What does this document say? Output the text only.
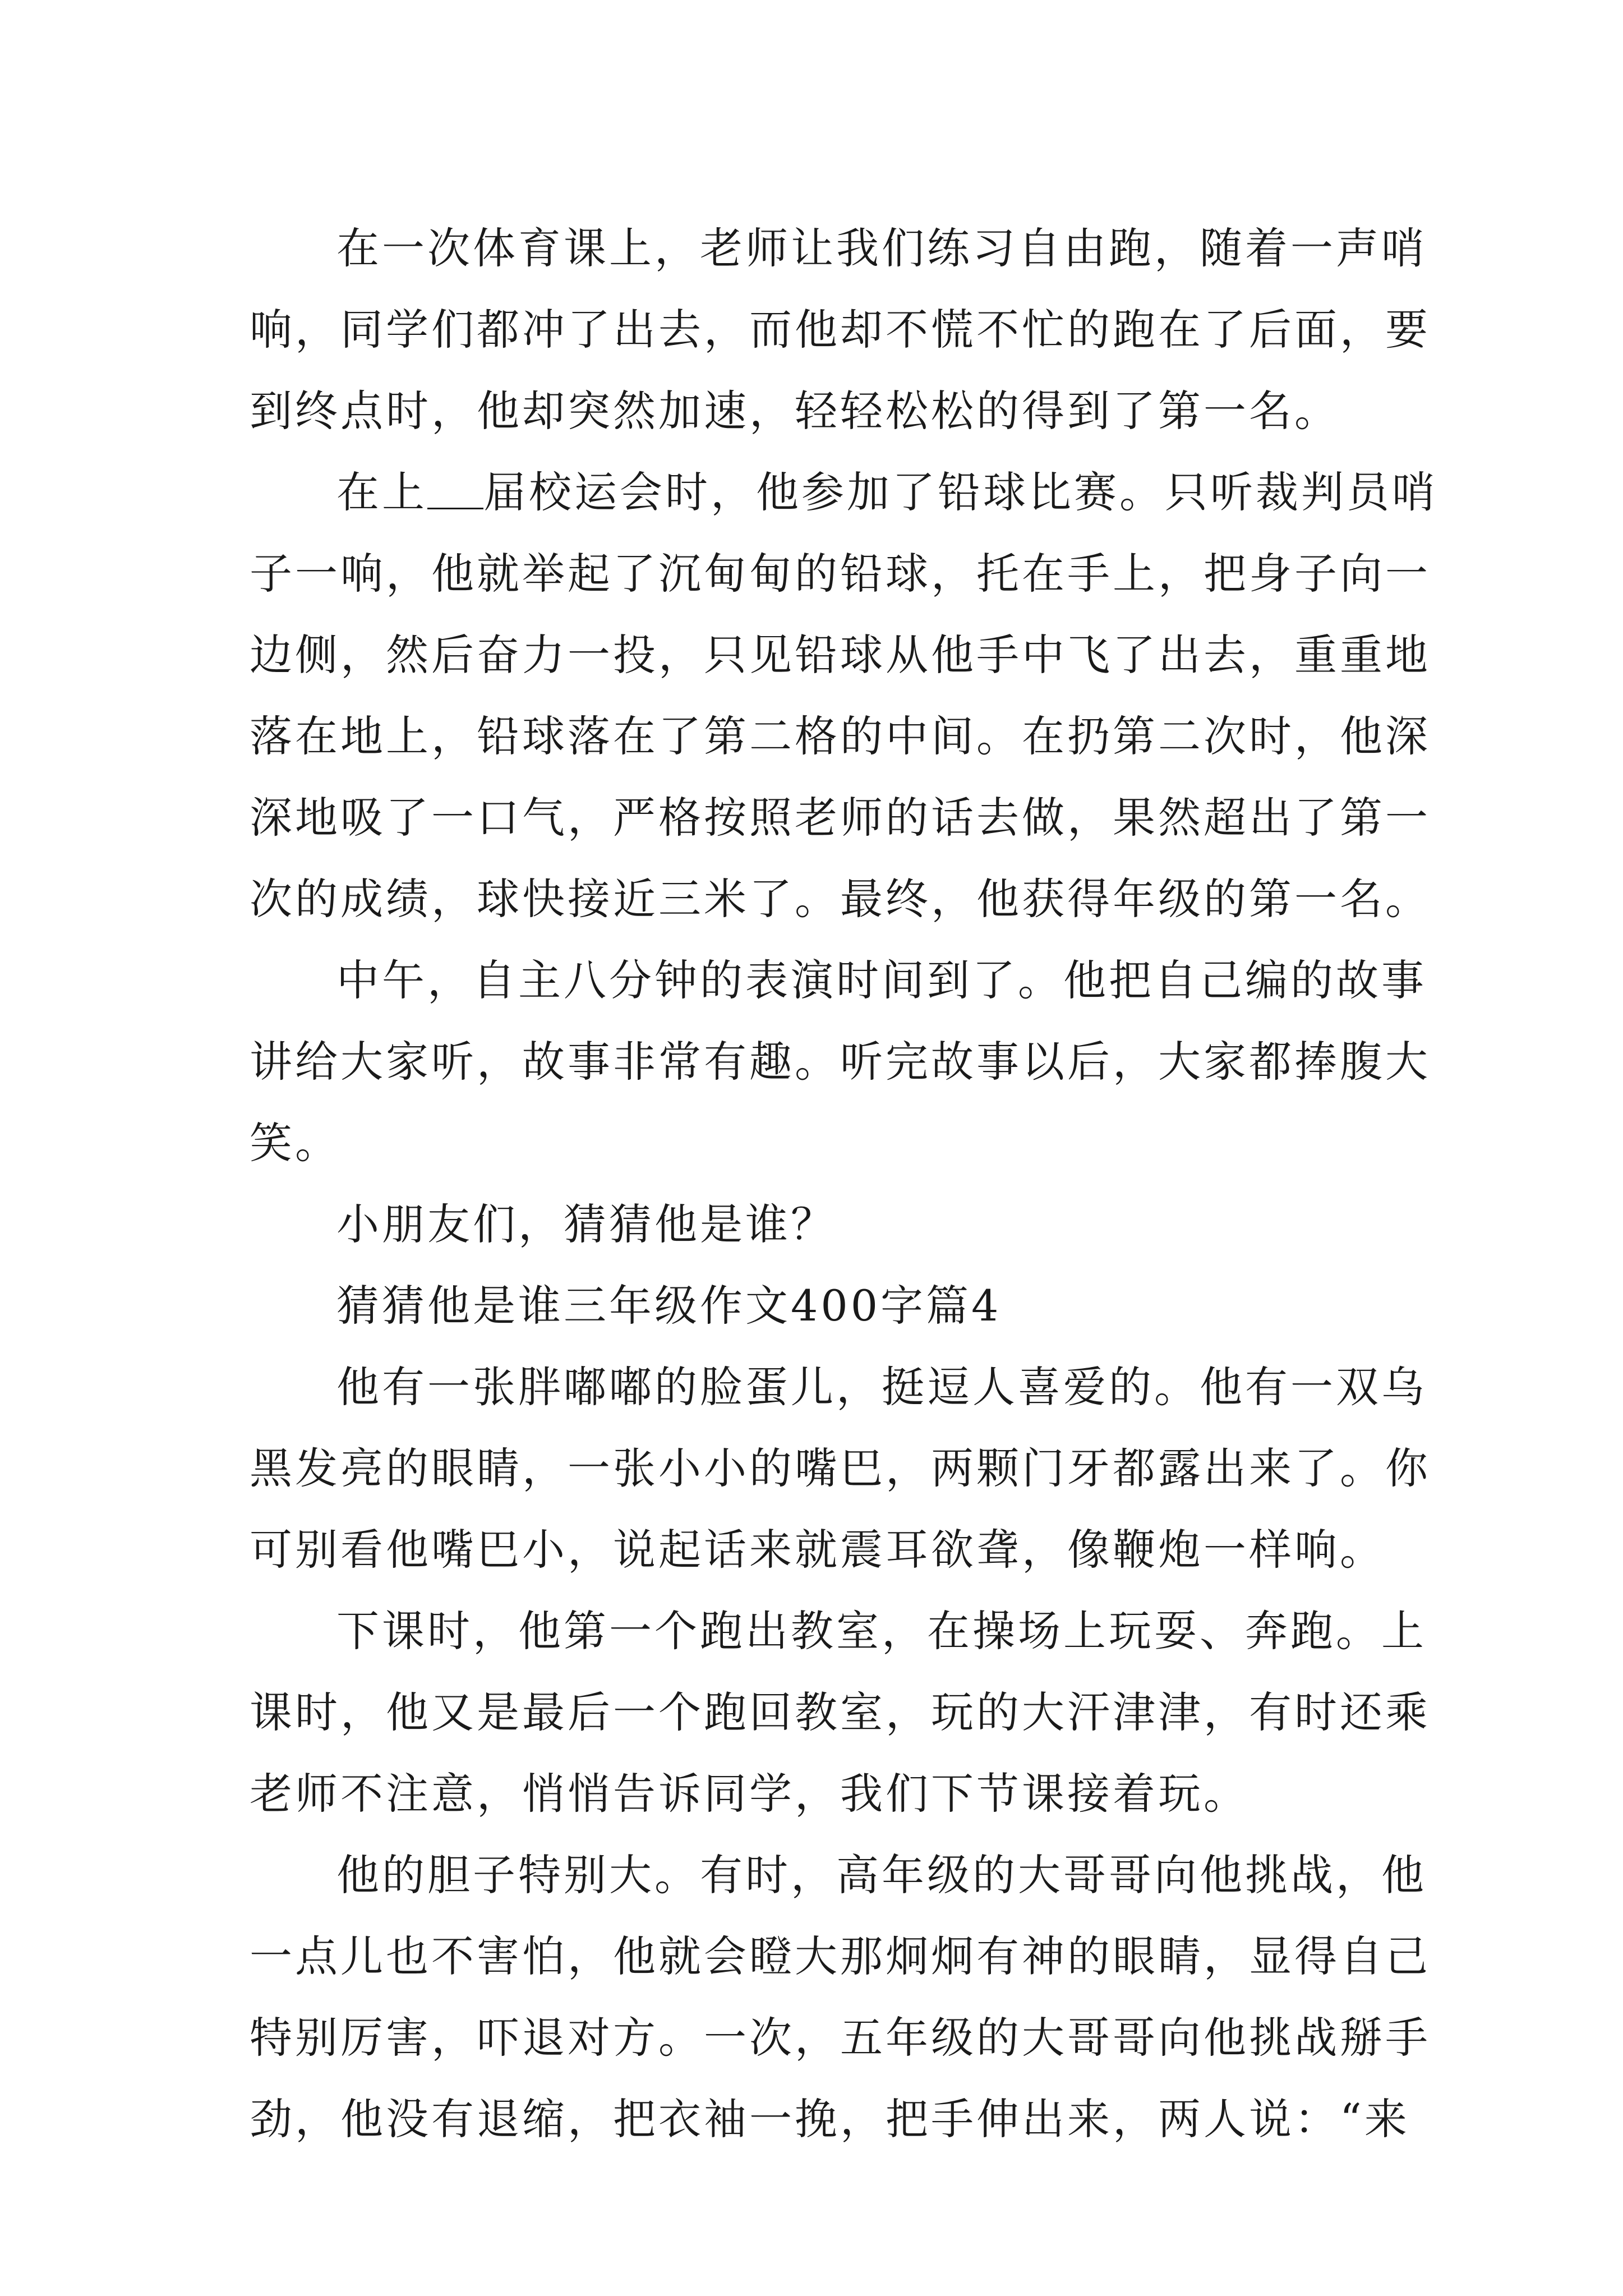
在一次体育课上，老师让我们练习自由跑，随着一声哨
响，同学们都冲了出去，而他却不慌不忙的跑在了后面，要
到终点时，他却突然加速，轻轻松松的得到了第一名。
在上 届校运会时，他参加了铅球比赛。只听裁判员哨
子一响，他就举起了沉甸甸的铅球，托在手上，把身子向一
边侧，然后奋力一投，只见铅球从他手中飞了出去，重重地
落在地上，铅球落在了第二格的中间。在扔第二次时，他深
深地吸了一口气，严格按照老师的话去做，果然超出了第一
次的成绩，球快接近三米了。最终，他获得年级的第一名。
中午，自主八分钟的表演时间到了。他把自己编的故事
讲给大家听，故事非常有趣。听完故事以后，大家都捧腹大
笑。
小朋友们，猜猜他是谁？
猜猜他是谁三年级作文400字篇4
他有一张胖嘟嘟的脸蛋儿，挺逗人喜爱的。他有一双乌
黑发亮的眼睛，一张小小的嘴巴，两颗门牙都露出来了。你
可别看他嘴巴小，说起话来就震耳欲聋，像鞭炮一样响。
下课时，他第一个跑出教室，在操场上玩耍、奔跑。上
课时，他又是最后一个跑回教室，玩的大汗津津，有时还乘
老师不注意，悄悄告诉同学，我们下节课接着玩。
他的胆子特别大。有时，高年级的大哥哥向他挑战，他
一点儿也不害怕，他就会瞪大那炯炯有神的眼睛，显得自己
特别厉害，吓退对方。一次，五年级的大哥哥向他挑战掰手
劲，他没有退缩，把衣袖一挽，把手伸出来，两人说：“来
